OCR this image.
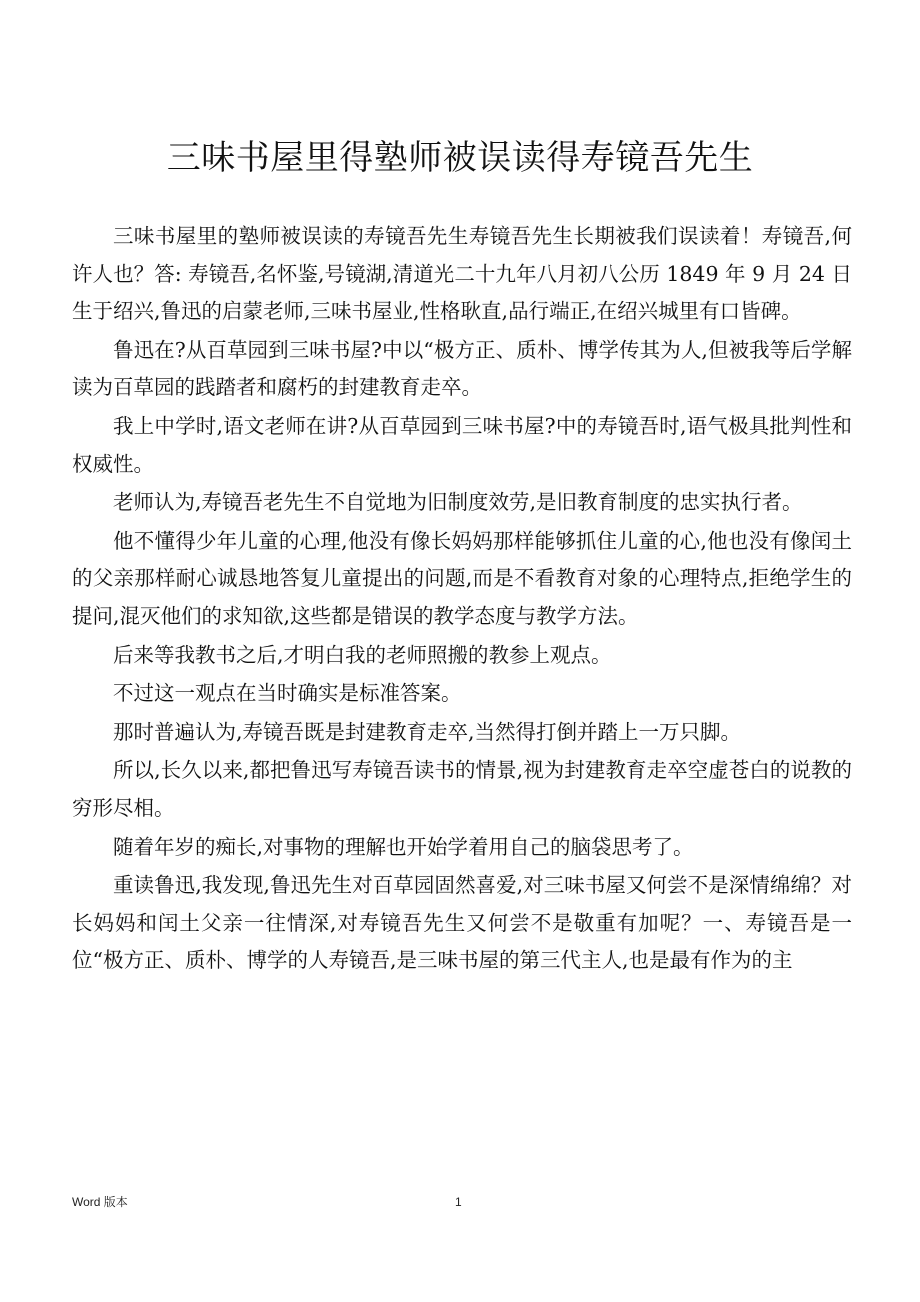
三味书屋里得塾师被误读得寿镜吾先生

三味书屋里的塾师被误读的寿镜吾先生寿镜吾先生长期被我们误读着！寿镜吾,何许人也？答: 寿镜吾,名怀鉴,号镜湖,清道光二十九年八月初八公历 1849 年 9 月 24 日生于绍兴,鲁迅的启蒙老师,三味书屋业,性格耿直,品行端正,在绍兴城里有口皆碑。

鲁迅在?从百草园到三味书屋?中以“极方正、质朴、博学传其为人,但被我等后学解读为百草园的践踏者和腐朽的封建教育走卒。

我上中学时,语文老师在讲?从百草园到三味书屋?中的寿镜吾时,语气极具批判性和权威性。

老师认为,寿镜吾老先生不自觉地为旧制度效劳,是旧教育制度的忠实执行者。

他不懂得少年儿童的心理,他没有像长妈妈那样能够抓住儿童的心,他也没有像闰土的父亲那样耐心诚恳地答复儿童提出的问题,而是不看教育对象的心理特点,拒绝学生的提问,混灭他们的求知欲,这些都是错误的教学态度与教学方法。

后来等我教书之后,才明白我的老师照搬的教参上观点。

不过这一观点在当时确实是标准答案。

那时普遍认为,寿镜吾既是封建教育走卒,当然得打倒并踏上一万只脚。

所以,长久以来,都把鲁迅写寿镜吾读书的情景,视为封建教育走卒空虚苍白的说教的穷形尽相。

随着年岁的痴长,对事物的理解也开始学着用自己的脑袋思考了。

重读鲁迅,我发现,鲁迅先生对百草园固然喜爱,对三味书屋又何尝不是深情绵绵？对长妈妈和闰土父亲一往情深,对寿镜吾先生又何尝不是敬重有加呢？一、寿镜吾是一位“极方正、质朴、博学的人寿镜吾,是三味书屋的第三代主人,也是最有作为的主

Word 版本	1
